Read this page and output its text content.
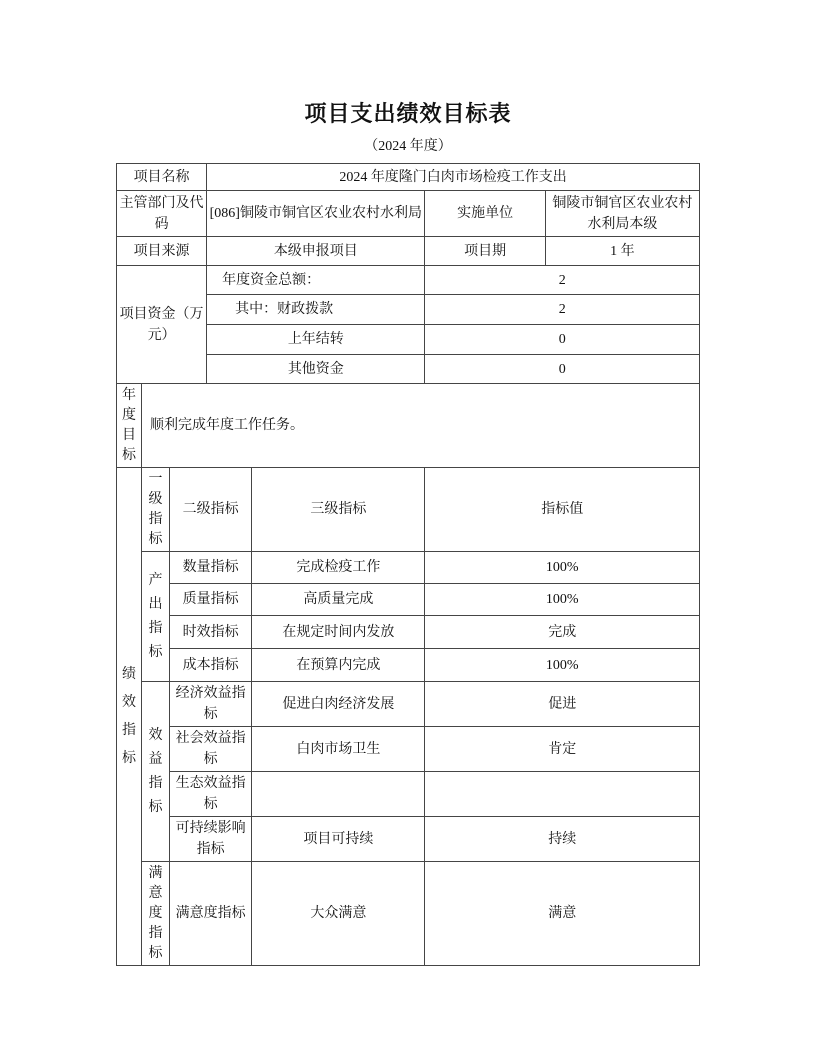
项目支出绩效目标表
（2024 年度）
项目名称			2024 年度隆门白肉市场检疫工作支出			
主管部门及代码			[086]铜陵市铜官区农业农村水利局		实施单位	铜陵市铜官区农业农村水利局本级
项目来源			本级申报项目		项目期	1 年
项目资金（万元）			年度资金总额：		2	
			其中：财政拨款		2	
			上年结转		0	
			其他资金		0	
年度目标	顺利完成年度工作任务。					
绩效指标	一级指标	二级指标		三级指标	指标值	
	产出指标	数量指标		完成检疫工作	100%	
		质量指标		高质量完成	100%	
		时效指标		在规定时间内发放	完成	
		成本指标		在预算内完成	100%	
	效益指标	经济效益指标		促进白肉经济发展	促进	
		社会效益指标		白肉市场卫生	肯定	
		生态效益指标				
		可持续影响指标		项目可持续	持续	
	满意度指标	满意度指标		大众满意	满意	
